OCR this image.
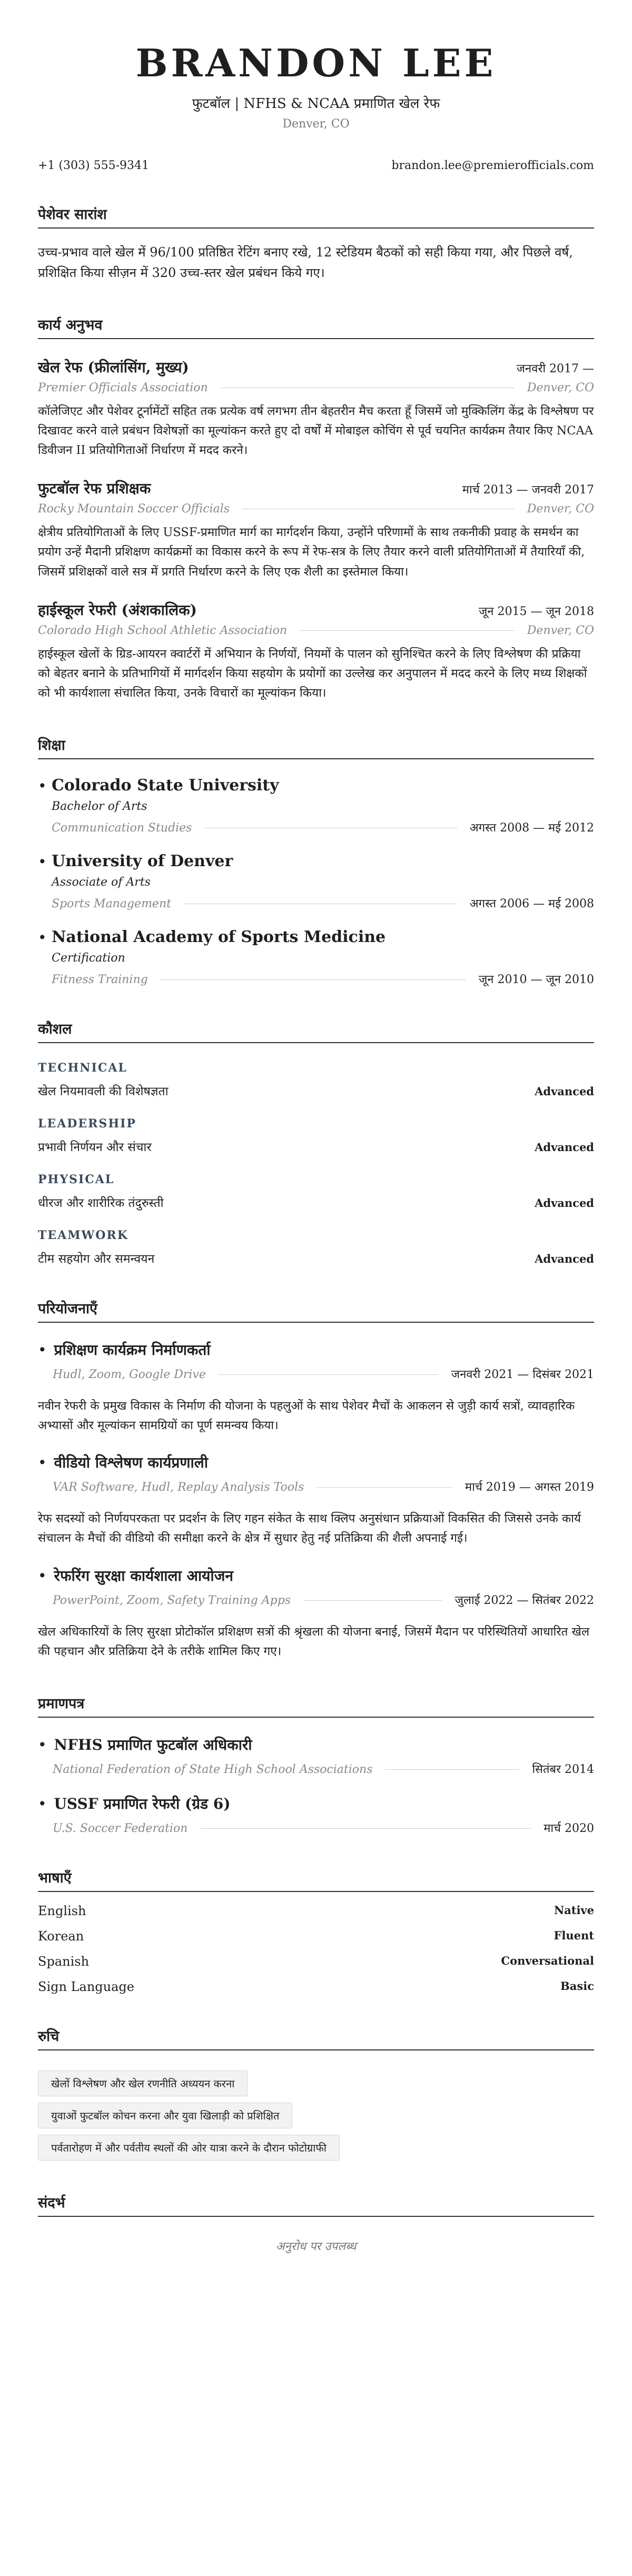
BRANDON LEE
फुटबॉल | NFHS & NCAA प्रमाणित खेल रेफ
Denver, CO
+1 (303) 555-9341	brandon.lee@premierofficials.com
पेशेवर सारांश
उच्च-प्रभाव वाले खेल में 96/100 प्रतिष्ठित रेटिंग बनाए रखे, 12 स्टेडियम बैठकों को सही किया गया, और पिछले वर्ष, प्रशिक्षित किया सीज़न में 320 उच्च-स्तर खेल प्रबंधन किये गए।
कार्य अनुभव
खेल रेफ (फ्रीलांसिंग, मुख्य)	जनवरी 2017 —
Premier Officials Association	Denver, CO
कॉलेजिएट और पेशेवर टूर्नामेंटों सहित तक प्रत्येक वर्ष लगभग तीन बेहतरीन मैच करता हूँ जिसमें जो मुक्किलिंग केंद्र के विश्लेषण पर दिखावट करने वाले प्रबंधन विशेषज्ञों का मूल्यांकन करते हुए दो वर्षों में मोबाइल कोचिंग से पूर्व चयनित कार्यक्रम तैयार किए NCAA डिवीजन II प्रतियोगिताओं निर्धारण में मदद करने।
फुटबॉल रेफ प्रशिक्षक	मार्च 2013 — जनवरी 2017
Rocky Mountain Soccer Officials	Denver, CO
क्षेत्रीय प्रतियोगिताओं के लिए USSF-प्रमाणित मार्ग का मार्गदर्शन किया, उन्होंने परिणामों के साथ तकनीकी प्रवाह के समर्थन का प्रयोग उन्हें मैदानी प्रशिक्षण कार्यक्रमों का विकास करने के रूप में रेफ-सत्र के लिए तैयार करने वाली प्रतियोगिताओं में तैयारियाँ की, जिसमें प्रशिक्षकों वाले सत्र में प्रगति निर्धारण करने के लिए एक शैली का इस्तेमाल किया।
हाईस्कूल रेफरी (अंशकालिक)	जून 2015 — जून 2018
Colorado High School Athletic Association	Denver, CO
हाईस्कूल खेलों के ग्रिड-आयरन क्वार्टरों में अभियान के निर्णयों, नियमों के पालन को सुनिश्चित करने के लिए विश्लेषण की प्रक्रिया को बेहतर बनाने के प्रतिभागियों में मार्गदर्शन किया सहयोग के प्रयोगों का उल्लेख कर अनुपालन में मदद करने के लिए मध्य शिक्षकों को भी कार्यशाला संचालित किया, उनके विचारों का मूल्यांकन किया।
शिक्षा
• Colorado State University
Bachelor of Arts
Communication Studies	अगस्त 2008 — मई 2012
• University of Denver
Associate of Arts
Sports Management	अगस्त 2006 — मई 2008
• National Academy of Sports Medicine
Certification
Fitness Training	जून 2010 — जून 2010
कौशल
TECHNICAL
खेल नियमावली की विशेषज्ञता	Advanced
LEADERSHIP
प्रभावी निर्णयन और संचार	Advanced
PHYSICAL
धीरज और शारीरिक तंदुरुस्ती	Advanced
TEAMWORK
टीम सहयोग और समन्वयन	Advanced
परियोजनाएँ
• प्रशिक्षण कार्यक्रम निर्माणकर्ता
Hudl, Zoom, Google Drive	जनवरी 2021 — दिसंबर 2021
नवीन रेफरी के प्रमुख विकास के निर्माण की योजना के पहलुओं के साथ पेशेवर मैचों के आकलन से जुड़ी कार्य सत्रों, व्यावहारिक अभ्यासों और मूल्यांकन सामग्रियों का पूर्ण समन्वय किया।
• वीडियो विश्लेषण कार्यप्रणाली
VAR Software, Hudl, Replay Analysis Tools	मार्च 2019 — अगस्त 2019
रेफ सदस्यों को निर्णयपरकता पर प्रदर्शन के लिए गहन संकेत के साथ क्लिप अनुसंधान प्रक्रियाओं विकसित की जिससे उनके कार्य संचालन के मैचों की वीडियो की समीक्षा करने के क्षेत्र में सुधार हेतु नई प्रतिक्रिया की शैली अपनाई गई।
• रेफरिंग सुरक्षा कार्यशाला आयोजन
PowerPoint, Zoom, Safety Training Apps	जुलाई 2022 — सितंबर 2022
खेल अधिकारियों के लिए सुरक्षा प्रोटोकॉल प्रशिक्षण सत्रों की श्रृंखला की योजना बनाई, जिसमें मैदान पर परिस्थितियों आधारित खेल की पहचान और प्रतिक्रिया देने के तरीके शामिल किए गए।
प्रमाणपत्र
• NFHS प्रमाणित फुटबॉल अधिकारी
National Federation of State High School Associations	सितंबर 2014
• USSF प्रमाणित रेफरी (ग्रेड 6)
U.S. Soccer Federation	मार्च 2020
भाषाएँ
English	Native
Korean	Fluent
Spanish	Conversational
Sign Language	Basic
रुचि
खेलों विश्लेषण और खेल रणनीति अध्ययन करना
युवाओं फुटबॉल कोचन करना और युवा खिलाड़ी को प्रशिक्षित
पर्वतारोहण में और पर्वतीय स्थलों की ओर यात्रा करने के दौरान फोटोग्राफी
संदर्भ
अनुरोध पर उपलब्ध
